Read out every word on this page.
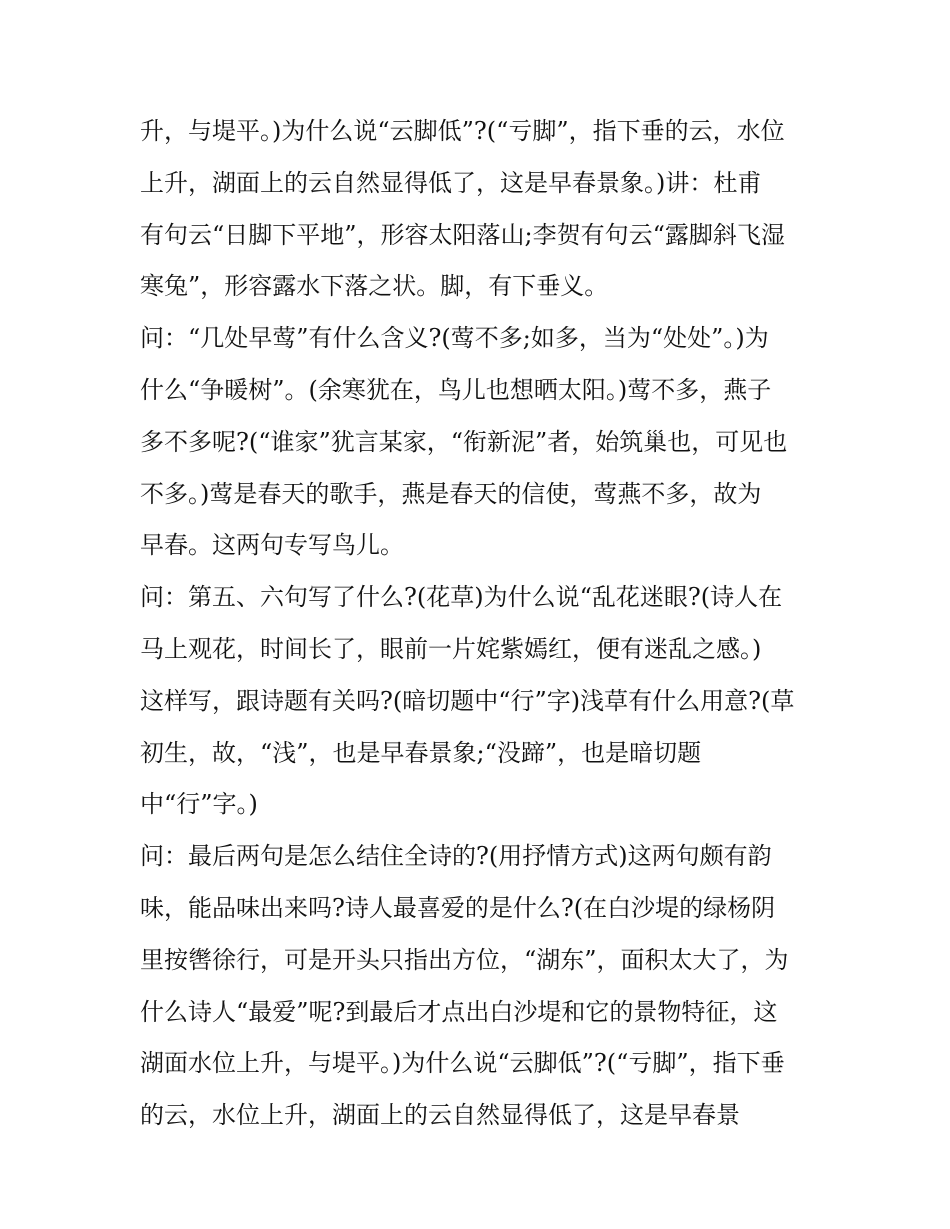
升，与堤平。)为什么说“云脚低”?(“亏脚”，指下垂的云，水位
上升，湖面上的云自然显得低了，这是早春景象。)讲：杜甫
有句云“日脚下平地”，形容太阳落山;李贺有句云“露脚斜飞湿
寒兔”，形容露水下落之状。脚，有下垂义。
问：“几处早莺”有什么含义?(莺不多;如多，当为“处处”。)为
什么“争暖树”。(余寒犹在，鸟儿也想晒太阳。)莺不多，燕子
多不多呢?(“谁家”犹言某家，“衔新泥”者，始筑巢也，可见也
不多。)莺是春天的歌手，燕是春天的信使，莺燕不多，故为
早春。这两句专写鸟儿。
问：第五、六句写了什么?(花草)为什么说“乱花迷眼?(诗人在
马上观花，时间长了，眼前一片姹紫嫣红，便有迷乱之感。)
这样写，跟诗题有关吗?(暗切题中“行”字)浅草有什么用意?(草
初生，故，“浅”，也是早春景象;“没蹄”，也是暗切题
中“行”字。)
问：最后两句是怎么结住全诗的?(用抒情方式)这两句颇有韵
味，能品味出来吗?诗人最喜爱的是什么?(在白沙堤的绿杨阴
里按辔徐行，可是开头只指出方位，“湖东”，面积太大了，为
什么诗人“最爱”呢?到最后才点出白沙堤和它的景物特征，这
湖面水位上升，与堤平。)为什么说“云脚低”?(“亏脚”，指下垂
的云，水位上升，湖面上的云自然显得低了，这是早春景
